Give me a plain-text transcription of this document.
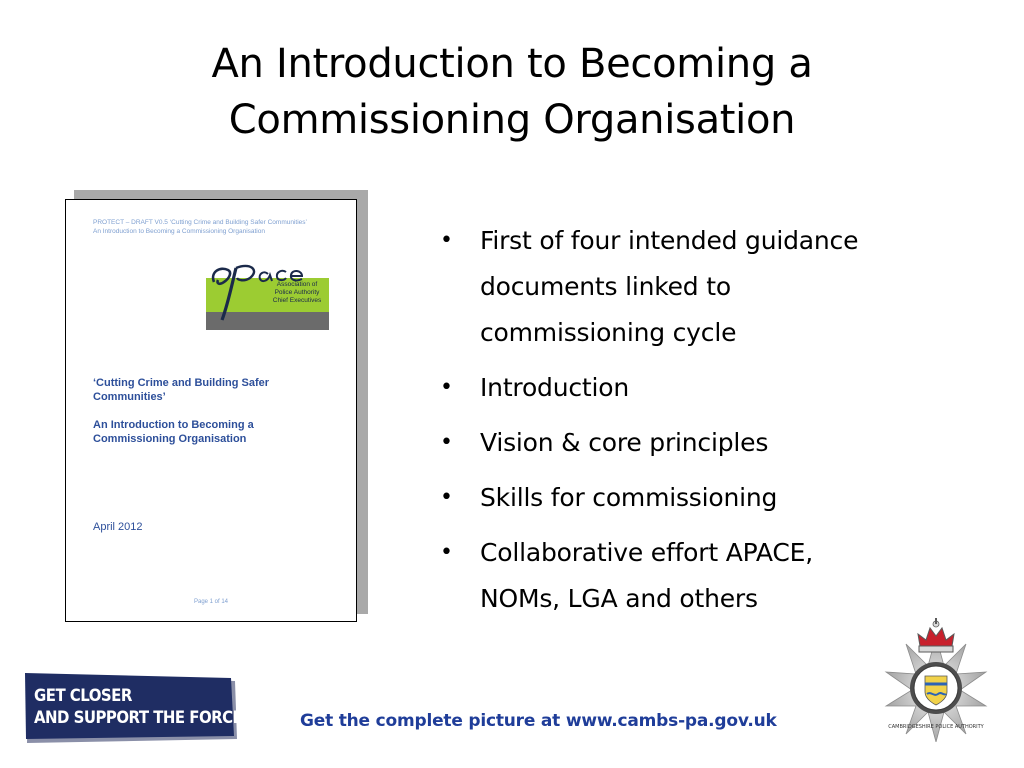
An Introduction to Becoming a
Commissioning Organisation
PROTECT – DRAFT V0.5 ‘Cutting Crime and Building Safer Communities’
An Introduction to Becoming a Commissioning Organisation
Association of
Police Authority
Chief Executives
‘Cutting Crime and Building Safer
Communities’
An Introduction to Becoming a
Commissioning Organisation
April 2012
Page 1 of 14
• First of four intended guidance
documents linked to
commissioning cycle
• Introduction
• Vision & core principles
• Skills for commissioning
• Collaborative effort APACE,
NOMs, LGA and others
GET CLOSER
AND SUPPORT THE FORCE!	Get the complete picture at www.cambs-pa.gov.uk	CAMBRIDGESHIRE POLICE AUTHORITY
